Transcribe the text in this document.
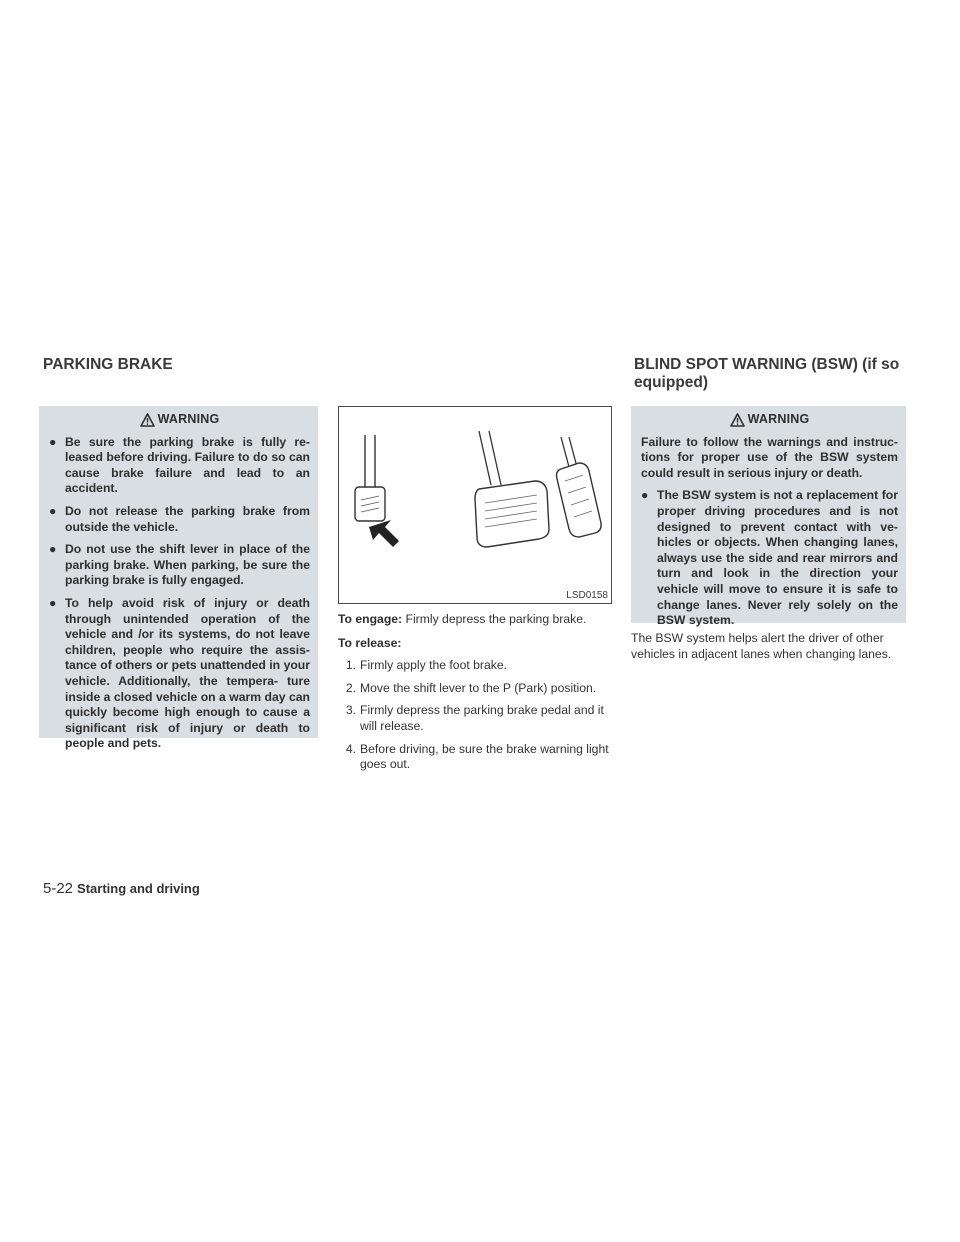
PARKING BRAKE	BLIND SPOT WARNING (BSW) (if so equipped)
WARNING
● Be sure the parking brake is fully re- leased before driving. Failure to do so can cause brake failure and lead to an accident.
● Do not release the parking brake from outside the vehicle.
● Do not use the shift lever in place of the parking brake. When parking, be sure the parking brake is fully engaged.
● To help avoid risk of injury or death through unintended operation of the vehicle and /or its systems, do not leave children, people who require the assis- tance of others or pets unattended in your vehicle. Additionally, the tempera- ture inside a closed vehicle on a warm day can quickly become high enough to cause a significant risk of injury or death to people and pets.
LSD0158
To engage: Firmly depress the parking brake.
To release:
1. Firmly apply the foot brake.
2. Move the shift lever to the P (Park) position.
3. Firmly depress the parking brake pedal and it will release.
4. Before driving, be sure the brake warning light goes out.
WARNING
Failure to follow the warnings and instruc- tions for proper use of the BSW system could result in serious injury or death.
● The BSW system is not a replacement for proper driving procedures and is not designed to prevent contact with ve- hicles or objects. When changing lanes, always use the side and rear mirrors and turn and look in the direction your vehicle will move to ensure it is safe to change lanes. Never rely solely on the BSW system.
The BSW system helps alert the driver of other vehicles in adjacent lanes when changing lanes.
5-22 Starting and driving
